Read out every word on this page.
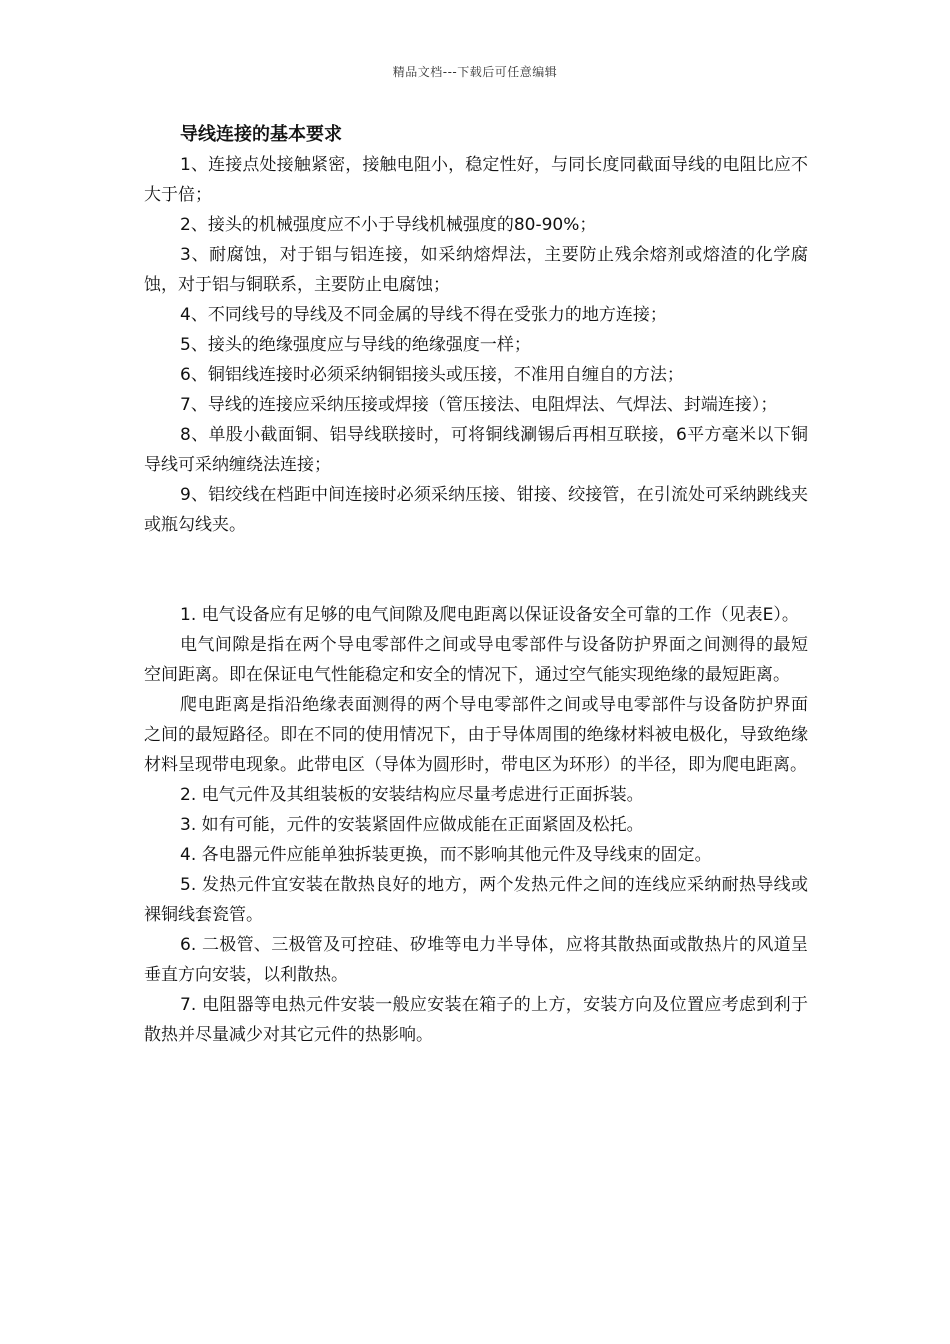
精品文档---下载后可任意编辑

导线连接的基本要求

1、连接点处接触紧密，接触电阻小，稳定性好，与同长度同截面导线的电阻比应不大于倍；

2、接头的机械强度应不小于导线机械强度的80-90%；

3、耐腐蚀，对于铝与铝连接，如采纳熔焊法，主要防止残余熔剂或熔渣的化学腐蚀，对于铝与铜联系，主要防止电腐蚀；

4、不同线号的导线及不同金属的导线不得在受张力的地方连接；

5、接头的绝缘强度应与导线的绝缘强度一样；

6、铜铝线连接时必须采纳铜铝接头或压接，不准用自缠自的方法；

7、导线的连接应采纳压接或焊接（管压接法、电阻焊法、气焊法、封端连接）；

8、单股小截面铜、铝导线联接时，可将铜线涮锡后再相互联接，6平方毫米以下铜导线可采纳缠绕法连接；

9、铝绞线在档距中间连接时必须采纳压接、钳接、绞接管，在引流处可采纳跳线夹或瓶勾线夹。

1. 电气设备应有足够的电气间隙及爬电距离以保证设备安全可靠的工作（见表E）。

电气间隙是指在两个导电零部件之间或导电零部件与设备防护界面之间测得的最短空间距离。即在保证电气性能稳定和安全的情况下，通过空气能实现绝缘的最短距离。

爬电距离是指沿绝缘表面测得的两个导电零部件之间或导电零部件与设备防护界面之间的最短路径。即在不同的使用情况下，由于导体周围的绝缘材料被电极化，导致绝缘材料呈现带电现象。此带电区（导体为圆形时，带电区为环形）的半径，即为爬电距离。

2. 电气元件及其组装板的安装结构应尽量考虑进行正面拆装。

3. 如有可能，元件的安装紧固件应做成能在正面紧固及松托。

4. 各电器元件应能单独拆装更换，而不影响其他元件及导线束的固定。

5. 发热元件宜安装在散热良好的地方，两个发热元件之间的连线应采纳耐热导线或裸铜线套瓷管。

6. 二极管、三极管及可控硅、矽堆等电力半导体，应将其散热面或散热片的风道呈垂直方向安装，以利散热。

7. 电阻器等电热元件安装一般应安装在箱子的上方，安装方向及位置应考虑到利于散热并尽量减少对其它元件的热影响。
